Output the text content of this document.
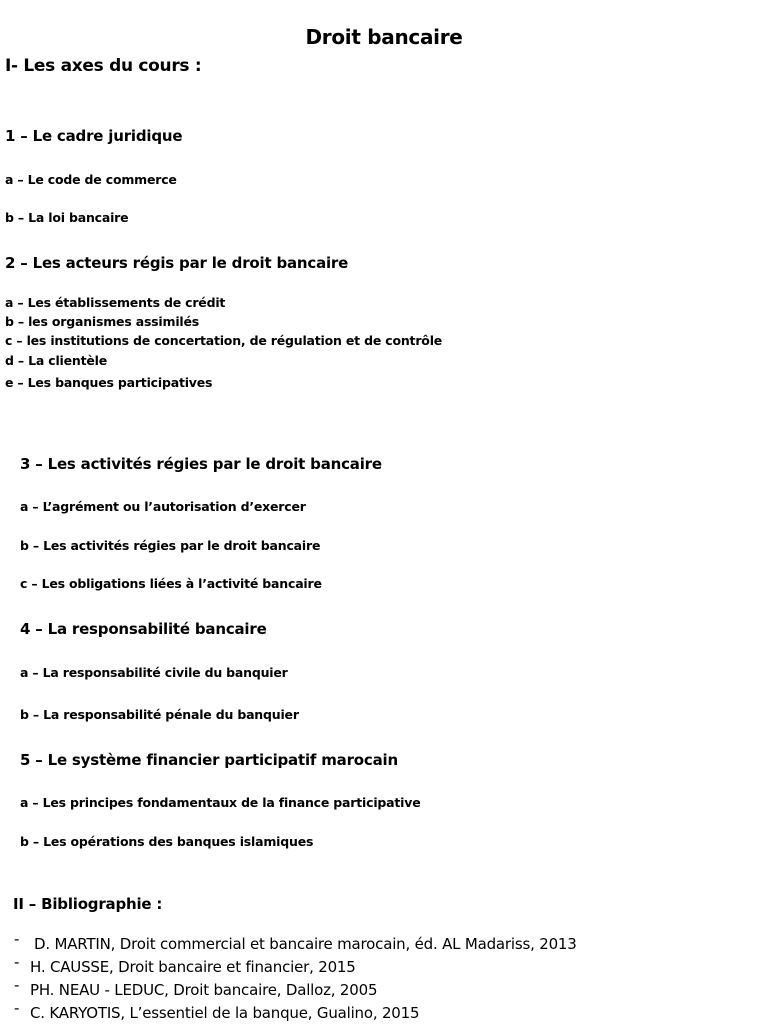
Droit bancaire
I- Les axes du cours :
1 – Le cadre juridique
a – Le code de commerce
b – La loi bancaire
2 – Les acteurs régis par le droit bancaire
a – Les établissements de crédit
b – les organismes assimilés
c – les institutions de concertation, de régulation et de contrôle
d – La clientèle
e – Les banques participatives
3 – Les activités régies par le droit bancaire
a – L’agrément ou l’autorisation d’exercer
b – Les activités régies par le droit bancaire
c – Les obligations liées à l’activité bancaire
4 – La responsabilité bancaire
a – La responsabilité civile du banquier
b – La responsabilité pénale du banquier
5 – Le système financier participatif marocain
a – Les principes fondamentaux de la finance participative
b – Les opérations des banques islamiques
II – Bibliographie :
- D. MARTIN, Droit commercial et bancaire marocain, éd. AL Madariss, 2013
- H. CAUSSE, Droit bancaire et financier, 2015
- PH. NEAU - LEDUC, Droit bancaire, Dalloz, 2005
- C. KARYOTIS, L’essentiel de la banque, Gualino, 2015
